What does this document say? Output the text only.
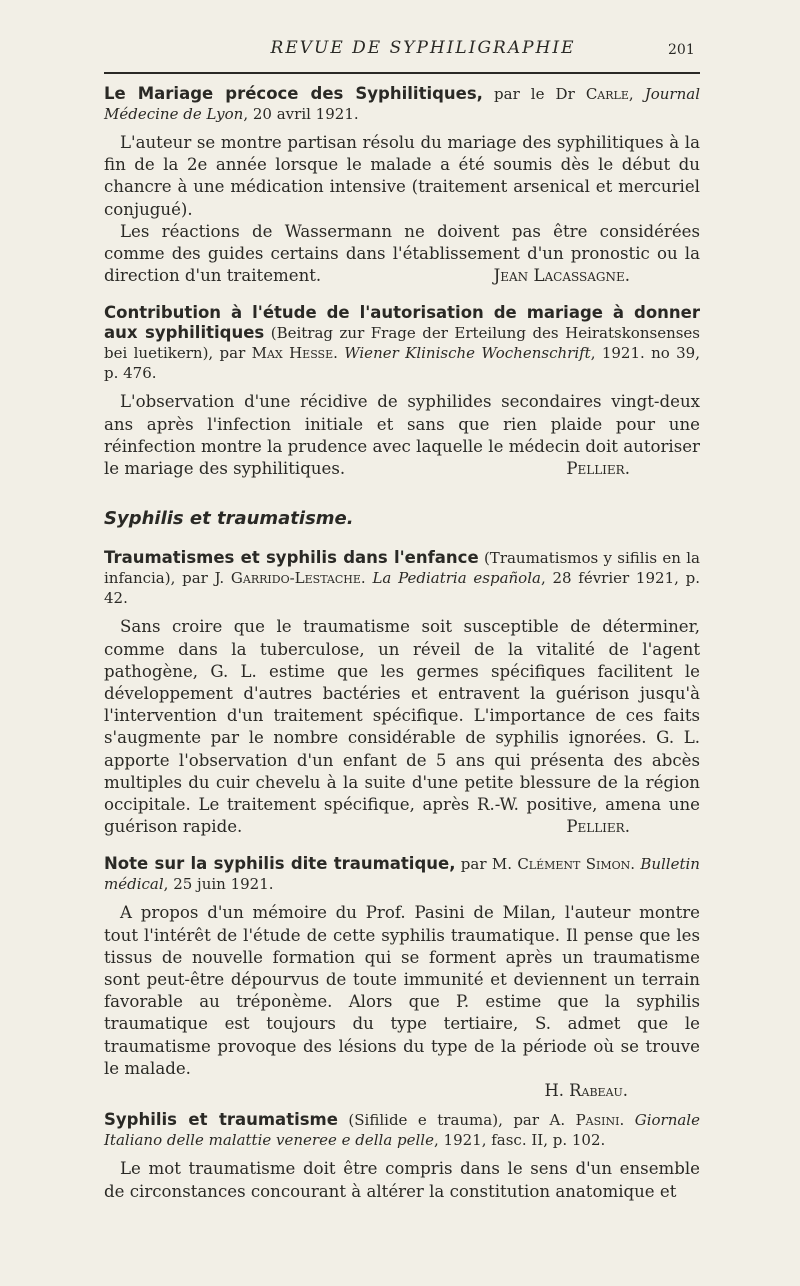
REVUE DE SYPHILIGRAPHIE	201

Le Mariage précoce des Syphilitiques, par le Dr Carle, Journal Médecine de Lyon, 20 avril 1921.

L'auteur se montre partisan résolu du mariage des syphilitiques à la fin de la 2e année lorsque le malade a été soumis dès le début du chancre à une médication intensive (traitement arsenical et mercuriel conjugué).

Les réactions de Wassermann ne doivent pas être considérées comme des guides certains dans l'établissement d'un pronostic ou la direction d'un traitement.	Jean Lacassagne.

Contribution à l'étude de l'autorisation de mariage à donner aux syphilitiques (Beitrag zur Frage der Erteilung des Heiratskonsenses bei luetikern), par Max Hesse. Wiener Klinische Wochenschrift, 1921. no 39, p. 476.

L'observation d'une récidive de syphilides secondaires vingt-deux ans après l'infection initiale et sans que rien plaide pour une réinfection montre la prudence avec laquelle le médecin doit autoriser le mariage des syphilitiques.	Pellier.

Syphilis et traumatisme.

Traumatismes et syphilis dans l'enfance (Traumatismos y sifilis en la infancia), par J. Garrido-Lestache. La Pediatria española, 28 février 1921, p. 42.

Sans croire que le traumatisme soit susceptible de déterminer, comme dans la tuberculose, un réveil de la vitalité de l'agent pathogène, G. L. estime que les germes spécifiques facilitent le développement d'autres bactéries et entravent la guérison jusqu'à l'intervention d'un traitement spécifique. L'importance de ces faits s'augmente par le nombre considérable de syphilis ignorées. G. L. apporte l'observation d'un enfant de 5 ans qui présenta des abcès multiples du cuir chevelu à la suite d'une petite blessure de la région occipitale. Le traitement spécifique, après R.-W. positive, amena une guérison rapide.	Pellier.

Note sur la syphilis dite traumatique, par M. Clément Simon. Bulletin médical, 25 juin 1921.

A propos d'un mémoire du Prof. Pasini de Milan, l'auteur montre tout l'intérêt de l'étude de cette syphilis traumatique. Il pense que les tissus de nouvelle formation qui se forment après un traumatisme sont peut-être dépourvus de toute immunité et deviennent un terrain favorable au tréponème. Alors que P. estime que la syphilis traumatique est toujours du type tertiaire, S. admet que le traumatisme provoque des lésions du type de la période où se trouve le malade.

H. Rabeau.

Syphilis et traumatisme (Sifilide e trauma), par A. Pasini. Giornale Italiano delle malattie veneree e della pelle, 1921, fasc. II, p. 102.

Le mot traumatisme doit être compris dans le sens d'un ensemble de circonstances concourant à altérer la constitution anatomique et
